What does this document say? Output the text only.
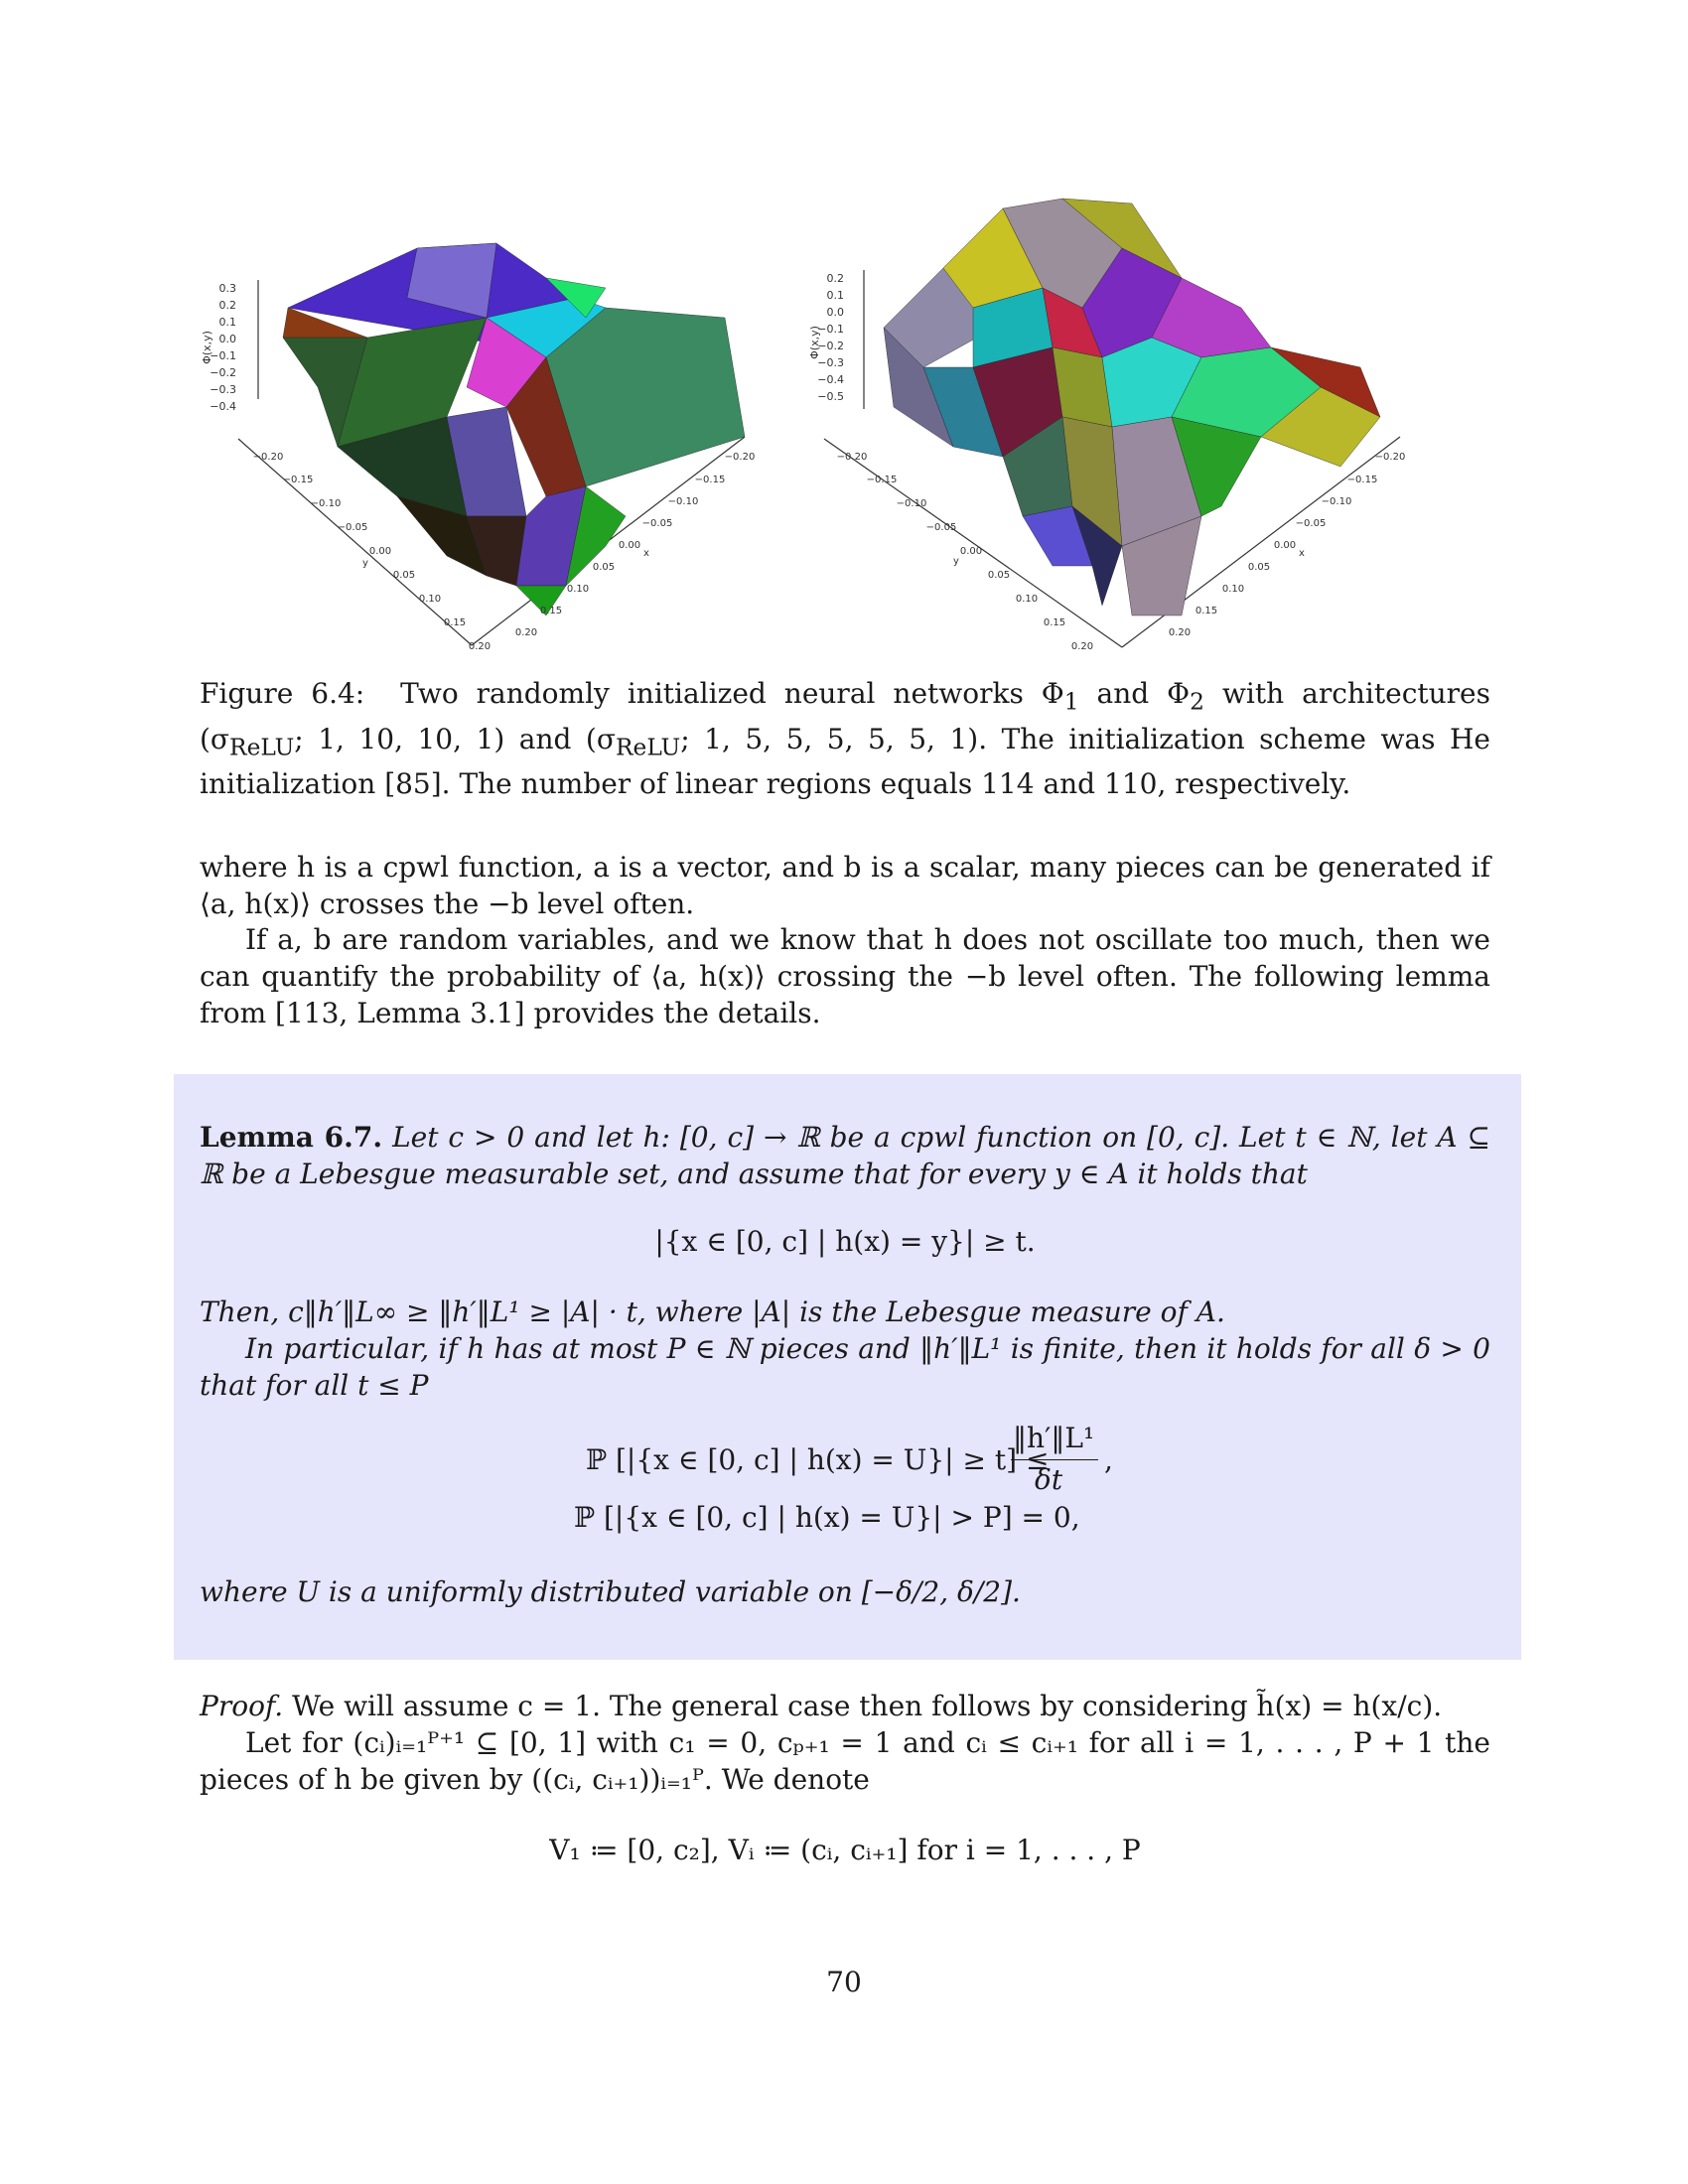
0.3
0.2
0.1
0.0
−0.1
−0.2
−0.3
−0.4
Φ(x,y)
−0.20
−0.15
−0.10
−0.05
0.00
0.05
0.10
0.15
0.20
y
−0.20
−0.15
−0.10
−0.05
0.00
0.05
0.10
0.15
0.20
x
0.2
0.1
0.0
−0.1
−0.2
−0.3
−0.4
−0.5
Φ(x,y)
−0.20
−0.15
−0.10
−0.05
0.00
0.05
0.10
0.15
0.20
y
−0.20
−0.15
−0.10
−0.05
0.00
0.05
0.10
0.15
0.20
x
Figure 6.4: Two randomly initialized neural networks $\Phi_1$ and $\Phi_2$ with architectures ($\sigma_{ReLU}$; 1, 10, 10, 1) and ($\sigma_{ReLU}$; 1, 5, 5, 5, 5, 5, 1). The initialization scheme was He initialization [85]. The number of linear regions equals 114 and 110, respectively.
where h is a cpwl function, a is a vector, and b is a scalar, many pieces can be generated if ⟨a, h(x)⟩ crosses the −b level often.
If a, b are random variables, and we know that h does not oscillate too much, then we can quantify the probability of ⟨a, h(x)⟩ crossing the −b level often. The following lemma from [113, Lemma 3.1] provides the details.
Lemma 6.7. Let c > 0 and let h: [0, c] → ℝ be a cpwl function on [0, c]. Let t ∈ ℕ, let A ⊆ ℝ be a Lebesgue measurable set, and assume that for every y ∈ A it holds that
|{x ∈ [0, c] | h(x) = y}| ≥ t.
Then, c‖h′‖L∞ ≥ ‖h′‖L¹ ≥ |A| · t, where |A| is the Lebesgue measure of A.
In particular, if h has at most P ∈ ℕ pieces and ‖h′‖L¹ is finite, then it holds for all δ > 0 that for all t ≤ P
ℙ [|{x ∈ [0, c] | h(x) = U}| ≥ t] ≤
‖h′‖L¹
δt
,
ℙ [|{x ∈ [0, c] | h(x) = U}| > P] = 0,
where U is a uniformly distributed variable on [−δ/2, δ/2].
Proof. We will assume c = 1. The general case then follows by considering h̃(x) = h(x/c).
Let for (cᵢ)ᵢ₌₁ᴾ⁺¹ ⊆ [0, 1] with c₁ = 0, cₚ₊₁ = 1 and cᵢ ≤ cᵢ₊₁ for all i = 1, . . . , P + 1 the pieces of h be given by ((cᵢ, cᵢ₊₁))ᵢ₌₁ᴾ. We denote
V₁ ≔ [0, c₂], Vᵢ ≔ (cᵢ, cᵢ₊₁] for i = 1, . . . , P
70
